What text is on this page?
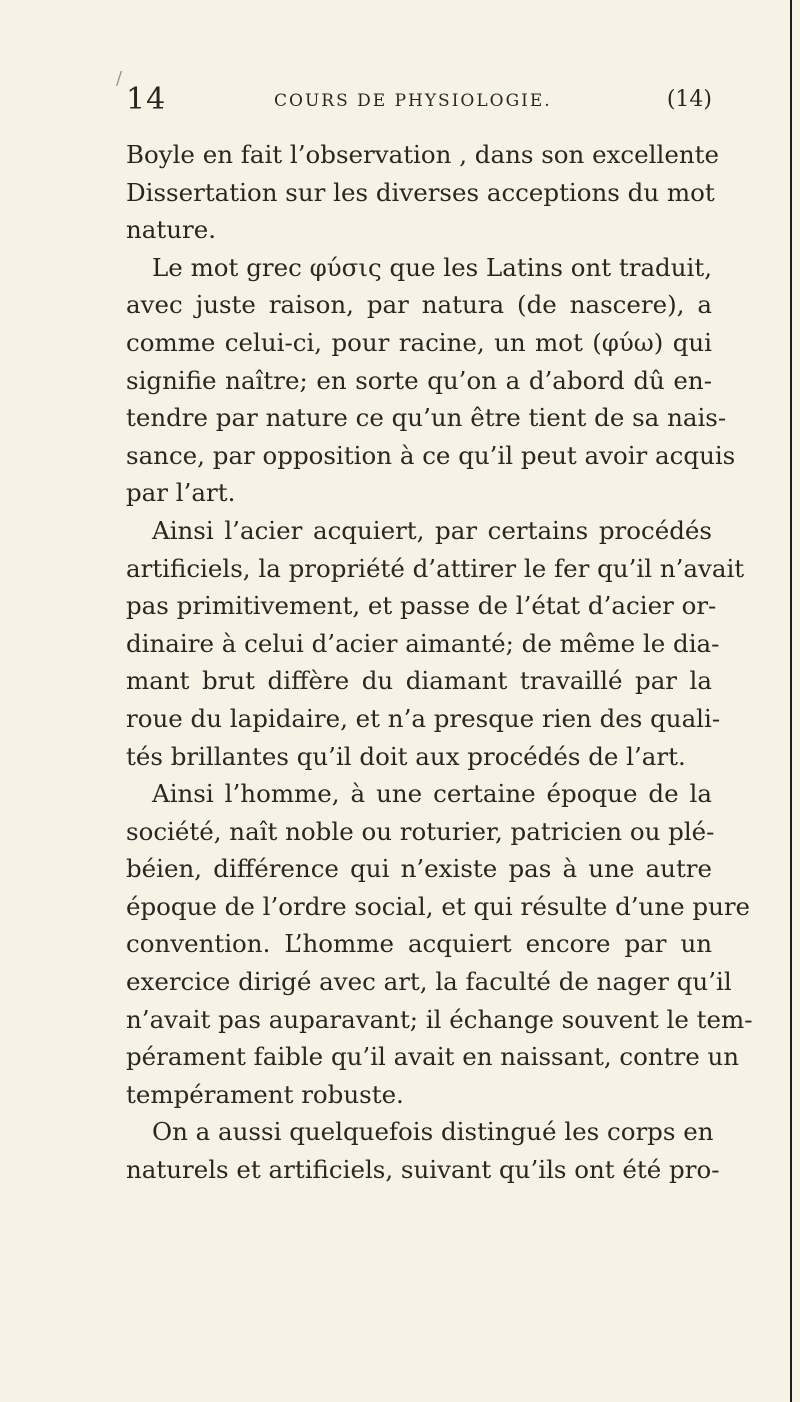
/
14	COURS DE PHYSIOLOGIE.	(14)
Boyle en fait l’observation , dans son excellente
Dissertation sur les diverses acceptions du mot
nature.
Le mot grec φύσις que les Latins ont traduit,
avec juste raison, par natura (de nascere), a
comme celui-ci, pour racine, un mot (φύω) qui
signifie naître; en sorte qu’on a d’abord dû en-
tendre par nature ce qu’un être tient de sa nais-
sance, par opposition à ce qu’il peut avoir acquis
par l’art.
Ainsi l’acier acquiert, par certains procédés
artificiels, la propriété d’attirer le fer qu’il n’avait
pas primitivement, et passe de l’état d’acier or-
dinaire à celui d’acier aimanté; de même le dia-
mant brut diffère du diamant travaillé par la
roue du lapidaire, et n’a presque rien des quali-
tés brillantes qu’il doit aux procédés de l’art.
Ainsi l’homme, à une certaine époque de la
société, naît noble ou roturier, patricien ou plé-
béien, différence qui n’existe pas à une autre
époque de l’ordre social, et qui résulte d’une pure
convention. L’homme acquiert encore par un
exercice dirigé avec art, la faculté de nager qu’il
n’avait pas auparavant; il échange souvent le tem-
pérament faible qu’il avait en naissant, contre un
tempérament robuste.
On a aussi quelquefois distingué les corps en
naturels et artificiels, suivant qu’ils ont été pro-
